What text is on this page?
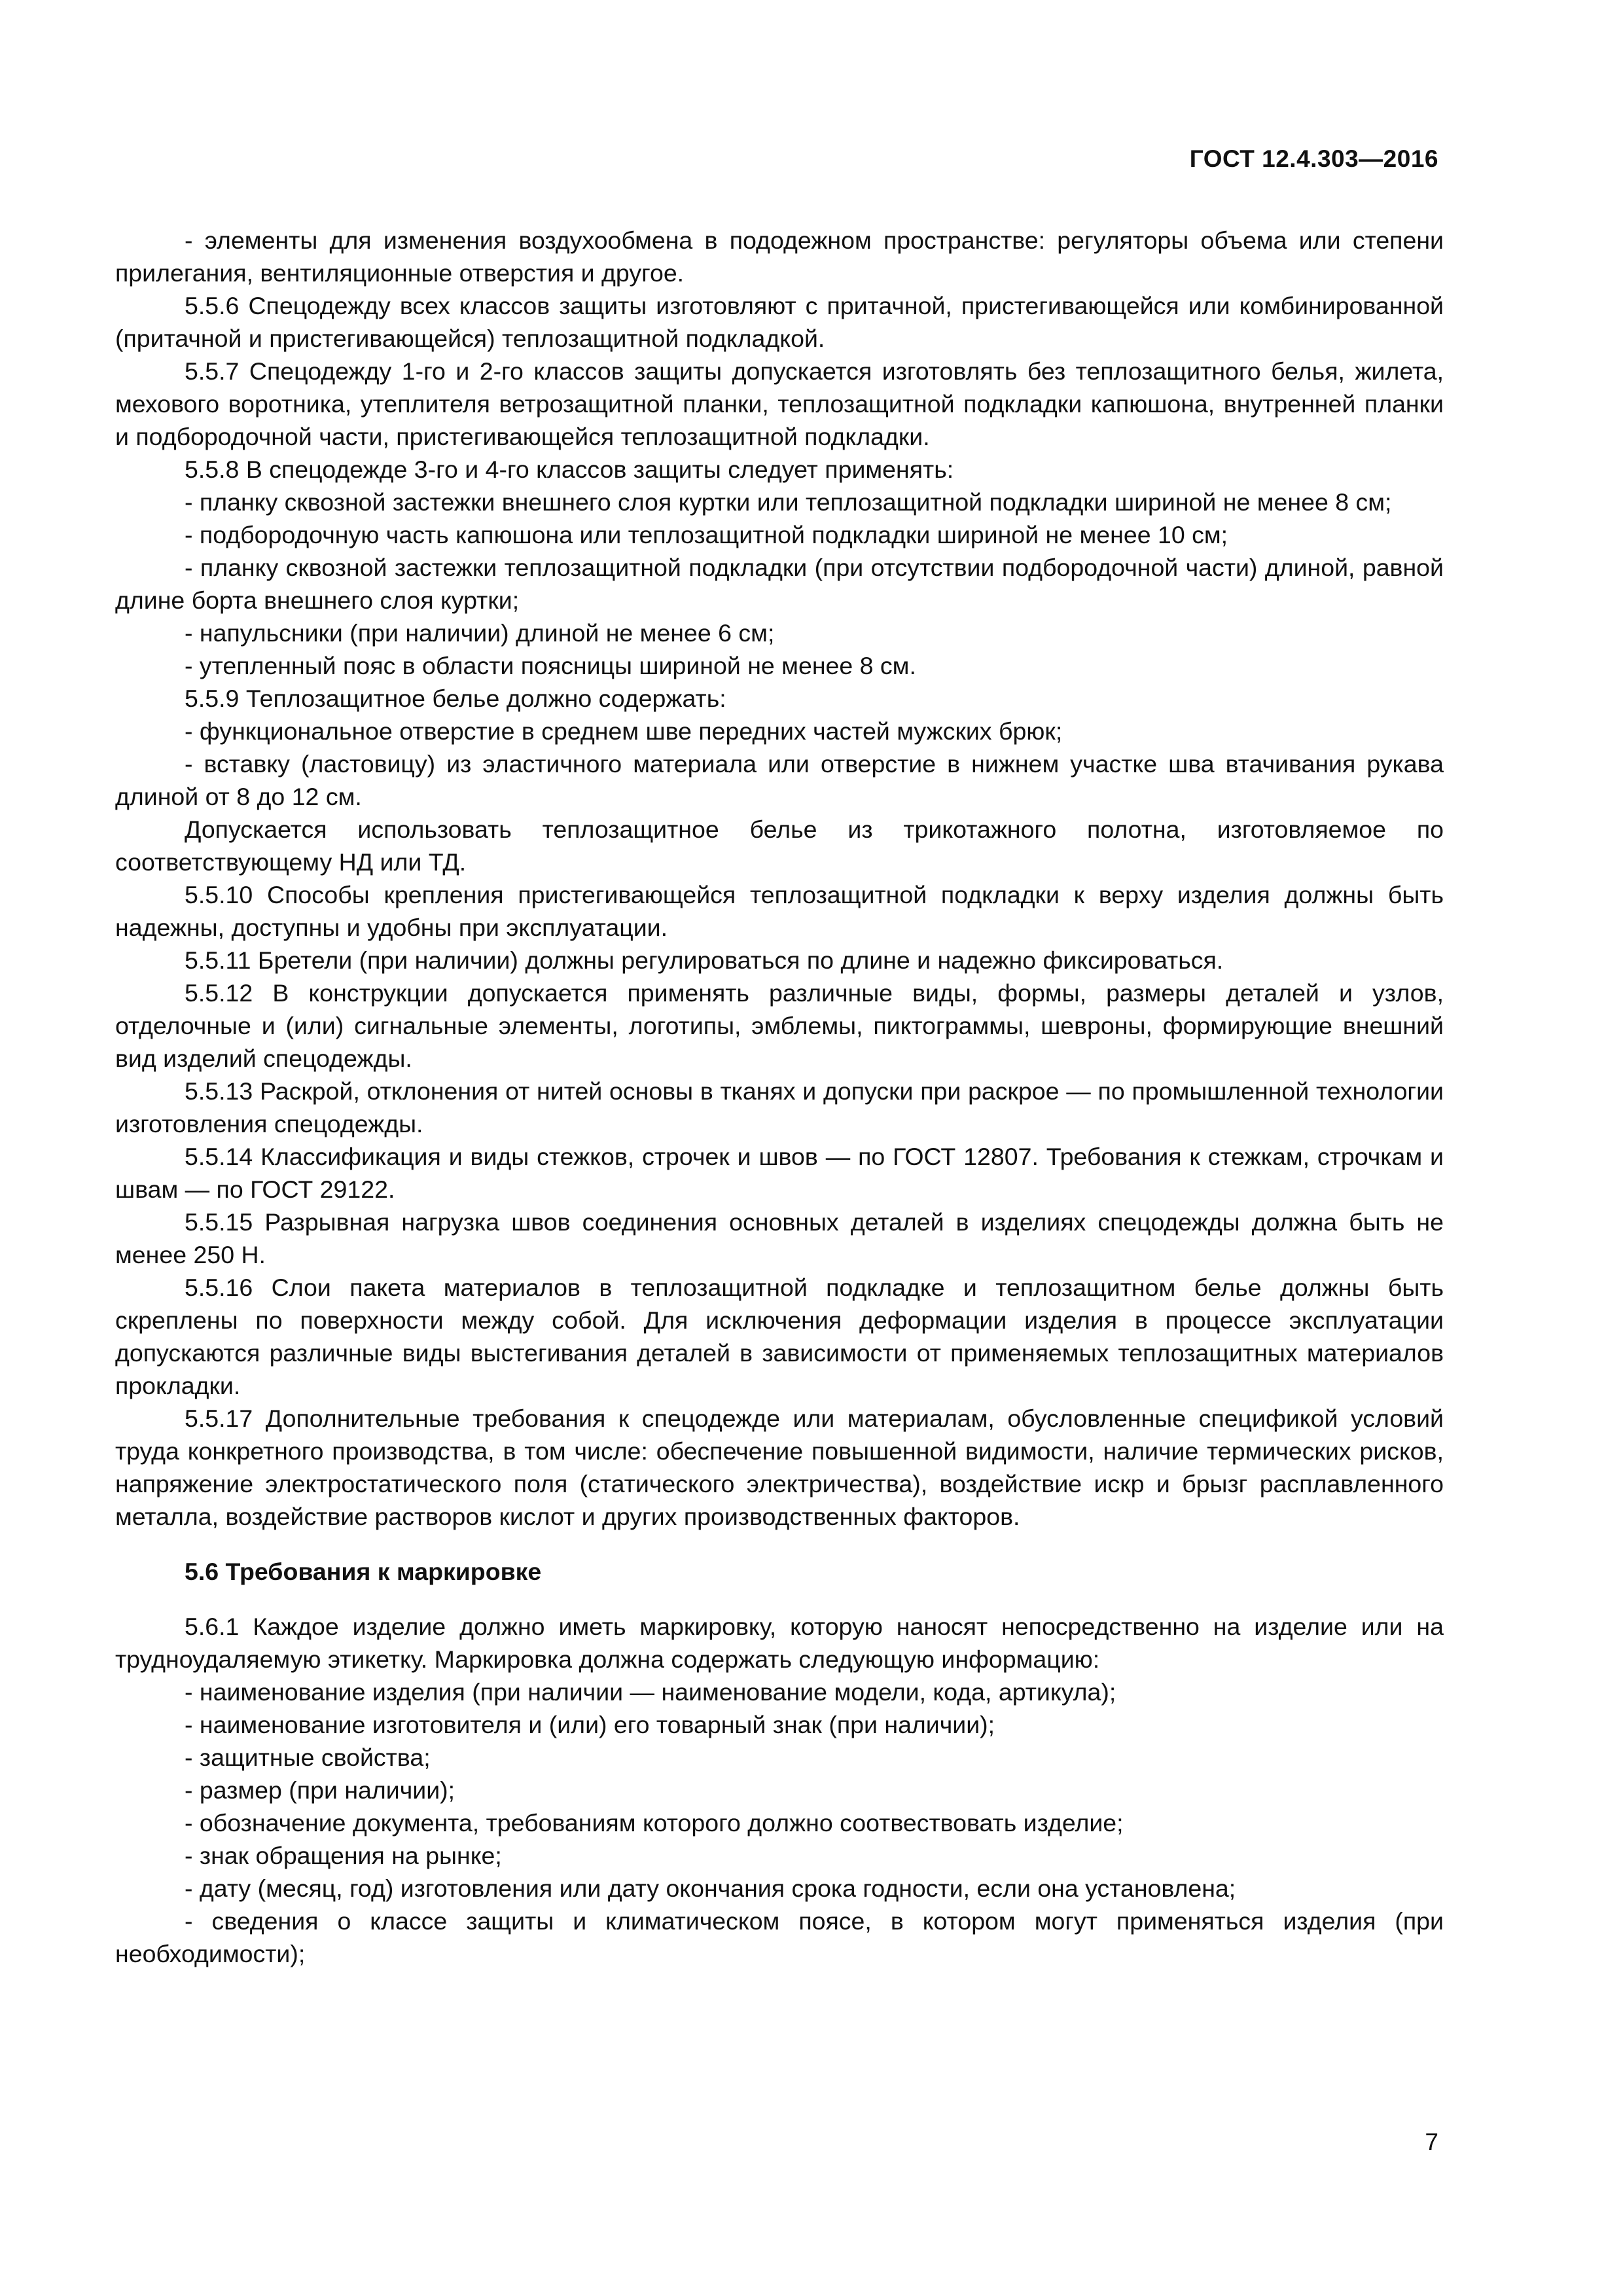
ГОСТ 12.4.303—2016

- элементы для изменения воздухообмена в пододежном пространстве: регуляторы объема или степени прилегания, вентиляционные отверстия и другое.

5.5.6 Спецодежду всех классов защиты изготовляют с притачной, пристегивающейся или комбинированной (притачной и пристегивающейся) теплозащитной подкладкой.

5.5.7 Спецодежду 1-го и 2-го классов защиты допускается изготовлять без теплозащитного белья, жилета, мехового воротника, утеплителя ветрозащитной планки, теплозащитной подкладки капюшона, внутренней планки и подбородочной части, пристегивающейся теплозащитной подкладки.

5.5.8 В спецодежде 3-го и 4-го классов защиты следует применять:

- планку сквозной застежки внешнего слоя куртки или теплозащитной подкладки шириной не менее 8 см;

- подбородочную часть капюшона или теплозащитной подкладки шириной не менее 10 см;

- планку сквозной застежки теплозащитной подкладки (при отсутствии подбородочной части) длиной, равной длине борта внешнего слоя куртки;

- напульсники (при наличии) длиной не менее 6 см;

- утепленный пояс в области поясницы шириной не менее 8 см.

5.5.9 Теплозащитное белье должно содержать:

- функциональное отверстие в среднем шве передних частей мужских брюк;

- вставку (ластовицу) из эластичного материала или отверстие в нижнем участке шва втачивания рукава длиной от 8 до 12 см.

Допускается использовать теплозащитное белье из трикотажного полотна, изготовляемое по соответствующему НД или ТД.

5.5.10 Способы крепления пристегивающейся теплозащитной подкладки к верху изделия должны быть надежны, доступны и удобны при эксплуатации.

5.5.11 Бретели (при наличии) должны регулироваться по длине и надежно фиксироваться.

5.5.12 В конструкции допускается применять различные виды, формы, размеры деталей и узлов, отделочные и (или) сигнальные элементы, логотипы, эмблемы, пиктограммы, шевроны, формирующие внешний вид изделий спецодежды.

5.5.13 Раскрой, отклонения от нитей основы в тканях и допуски при раскрое — по промышленной технологии изготовления спецодежды.

5.5.14 Классификация и виды стежков, строчек и швов — по ГОСТ 12807. Требования к стежкам, строчкам и швам — по ГОСТ 29122.

5.5.15 Разрывная нагрузка швов соединения основных деталей в изделиях спецодежды должна быть не менее 250 Н.

5.5.16 Слои пакета материалов в теплозащитной подкладке и теплозащитном белье должны быть скреплены по поверхности между собой. Для исключения деформации изделия в процессе эксплуатации допускаются различные виды выстегивания деталей в зависимости от применяемых теплозащитных материалов прокладки.

5.5.17 Дополнительные требования к спецодежде или материалам, обусловленные спецификой условий труда конкретного производства, в том числе: обеспечение повышенной видимости, наличие термических рисков, напряжение электростатического поля (статического электричества), воздействие искр и брызг расплавленного металла, воздействие растворов кислот и других производственных факторов.

5.6 Требования к маркировке

5.6.1 Каждое изделие должно иметь маркировку, которую наносят непосредственно на изделие или на трудноудаляемую этикетку. Маркировка должна содержать следующую информацию:

- наименование изделия (при наличии — наименование модели, кода, артикула);

- наименование изготовителя и (или) его товарный знак (при наличии);

- защитные свойства;

- размер (при наличии);

- обозначение документа, требованиям которого должно соотвествовать изделие;

- знак обращения на рынке;

- дату (месяц, год) изготовления или дату окончания срока годности, если она установлена;

- сведения о классе защиты и климатическом поясе, в котором могут применяться изделия (при необходимости);

7
